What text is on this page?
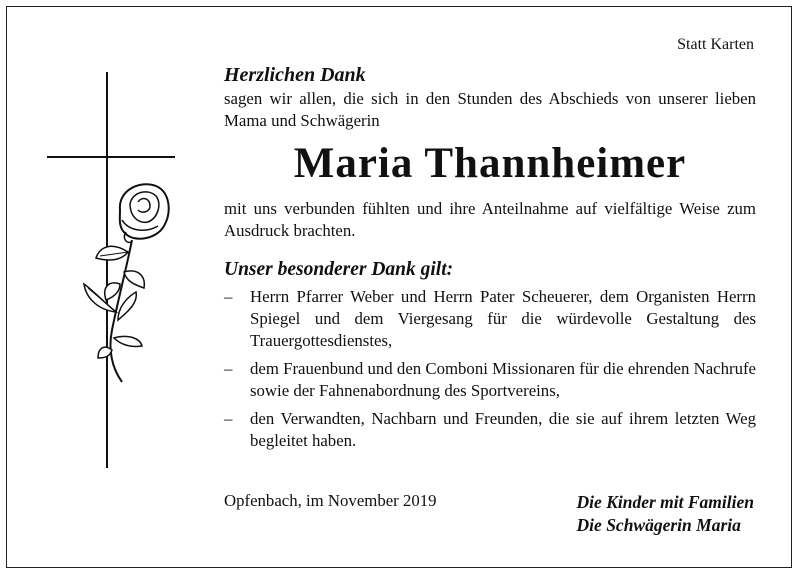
Statt Karten

Herzlichen Dank

sagen wir allen, die sich in den Stunden des Abschieds von unserer lieben Mama und Schwägerin

Maria Thannheimer

mit uns verbunden fühlten und ihre Anteilnahme auf vielfältige Weise zum Ausdruck brachten.

Unser besonderer Dank gilt:

– Herrn Pfarrer Weber und Herrn Pater Scheuerer, dem Organisten Herrn Spiegel und dem Viergesang für die würdevolle Gestaltung des Trauergottesdienstes,
– dem Frauenbund und den Comboni Missionaren für die ehrenden Nachrufe sowie der Fahnenabordnung des Sportvereins,
– den Verwandten, Nachbarn und Freunden, die sie auf ihrem letzten Weg begleitet haben.
Opfenbach, im November 2019	Die Kinder mit Familien
Die Schwägerin Maria
